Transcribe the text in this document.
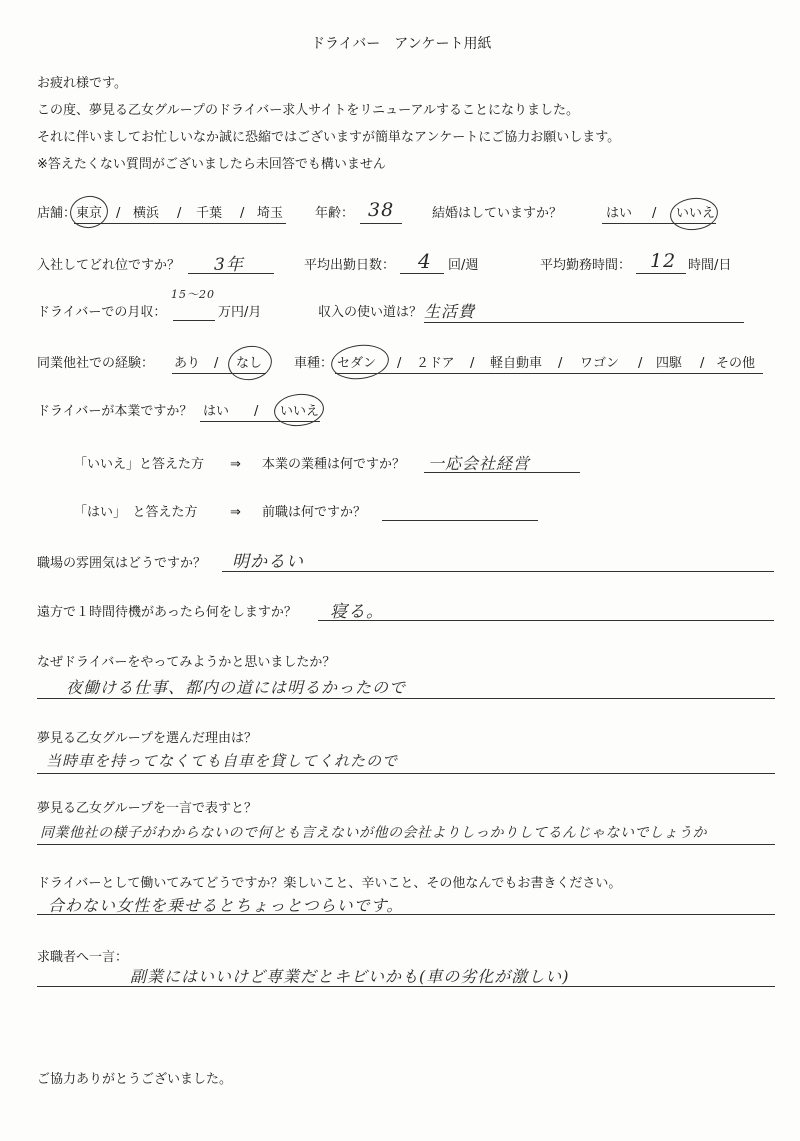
ドライバー　アンケート用紙
お疲れ様です。
この度、夢見る乙女グループのドライバー求人サイトをリニューアルすることになりました。
それに伴いましてお忙しいなか誠に恐縮ではございますが簡単なアンケートにご協力お願いします。
※答えたくない質問がございましたら未回答でも構いません
店舗： 東京 / 横浜 / 千葉 / 埼玉 年齢： 38	結婚はしていますか？	はい / いいえ
入社してどれ位ですか？ 3年	平均出勤日数： 4 回/週	平均勤務時間： 12 時間/日
ドライバーでの月収：
15〜20
万円/月	収入の使い道は？ 生活費
同業他社での経験： あり / なし 車種： セダン / ２ドア / 軽自動車 / ワゴン / 四駆 / その他
ドライバーが本業ですか？ はい / いいえ
「いいえ」と答えた方 ⇒ 本業の業種は何ですか？ 一応会社経営
「はい」　と答えた方 ⇒ 前職は何ですか？
職場の雰囲気はどうですか？ 明かるい
遠方で１時間待機があったら何をしますか？ 寝る。
なぜドライバーをやってみようかと思いましたか？
夜働ける仕事、都内の道には明るかったので
夢見る乙女グループを選んだ理由は？
当時車を持ってなくても自車を貸してくれたので
夢見る乙女グループを一言で表すと？
同業他社の様子がわからないので何とも言えないが他の会社よりしっかりしてるんじゃないでしょうか
ドライバーとして働いてみてどうですか？楽しいこと、辛いこと、その他なんでもお書きください。
合わない女性を乗せるとちょっとつらいです。
求職者へ一言：
副業にはいいけど専業だとキビいかも(車の劣化が激しい)
ご協力ありがとうございました。
